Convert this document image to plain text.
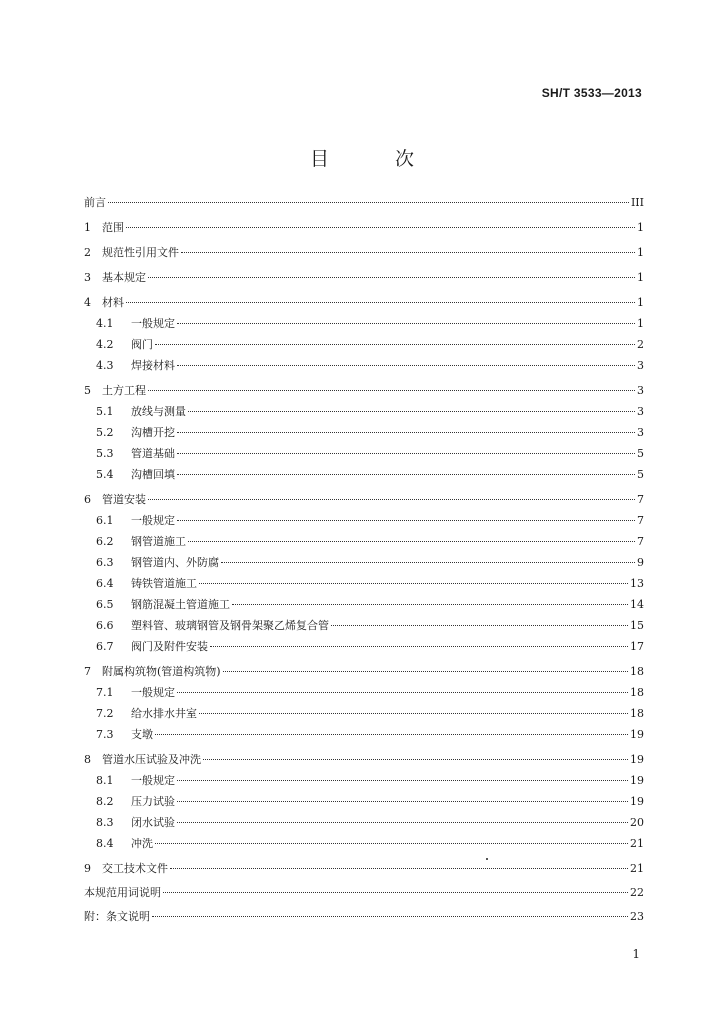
SH/T 3533—2013
目 次
前言	III
1	范围	1
2	规范性引用文件	1
3	基本规定	1
4	材料	1
4.1	一般规定	1
4.2	阀门	2
4.3	焊接材料	3
5	土方工程	3
5.1	放线与测量	3
5.2	沟槽开挖	3
5.3	管道基础	5
5.4	沟槽回填	5
6	管道安装	7
6.1	一般规定	7
6.2	钢管道施工	7
6.3	钢管道内、外防腐	9
6.4	铸铁管道施工	13
6.5	钢筋混凝土管道施工	14
6.6	塑料管、玻璃钢管及钢骨架聚乙烯复合管	15
6.7	阀门及附件安装	17
7	附属构筑物(管道构筑物)	18
7.1	一般规定	18
7.2	给水排水井室	18
7.3	支墩	19
8	管道水压试验及冲洗	19
8.1	一般规定	19
8.2	压力试验	19
8.3	闭水试验	20
8.4	冲洗	21
9	交工技术文件	21
本规范用词说明	22
附：条文说明	23
1
